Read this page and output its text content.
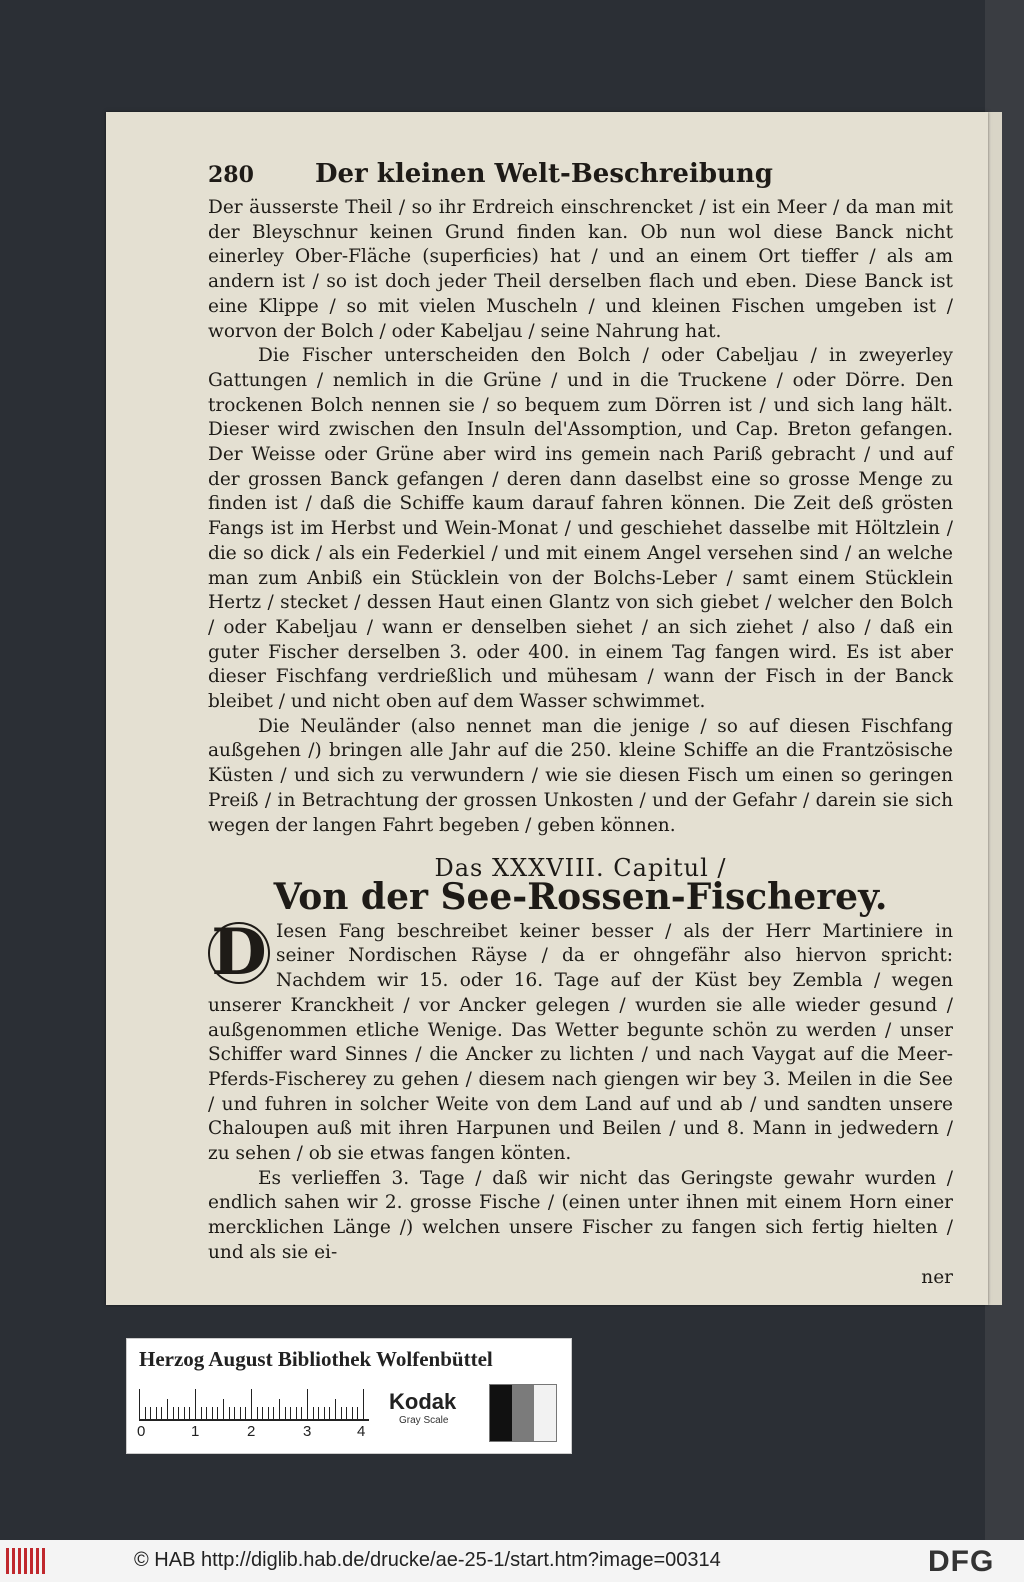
280 Der kleinen Welt-Beschreibung

Der äusserste Theil / so ihr Erdreich einschrencket / ist ein Meer / da man mit der Bleyschnur keinen Grund finden kan. Ob nun wol diese Banck nicht einerley Ober-Fläche (superficies) hat / und an einem Ort tieffer / als am andern ist / so ist doch jeder Theil derselben flach und eben. Diese Banck ist eine Klippe / so mit vielen Muscheln / und kleinen Fischen umgeben ist / worvon der Bolch / oder Kabeljau / seine Nahrung hat.

Die Fischer unterscheiden den Bolch / oder Cabeljau / in zweyerley Gattungen / nemlich in die Grüne / und in die Truckene / oder Dörre. Den trockenen Bolch nennen sie / so bequem zum Dörren ist / und sich lang hält. Dieser wird zwischen den Insuln del'Assomption, und Cap. Breton gefangen. Der Weisse oder Grüne aber wird ins gemein nach Pariß gebracht / und auf der grossen Banck gefangen / deren dann daselbst eine so grosse Menge zu finden ist / daß die Schiffe kaum darauf fahren können. Die Zeit deß grösten Fangs ist im Herbst und Wein-Monat / und geschiehet dasselbe mit Höltzlein / die so dick / als ein Federkiel / und mit einem Angel versehen sind / an welche man zum Anbiß ein Stücklein von der Bolchs-Leber / samt einem Stücklein Hertz / stecket / dessen Haut einen Glantz von sich giebet / welcher den Bolch / oder Kabeljau / wann er denselben siehet / an sich ziehet / also / daß ein guter Fischer derselben 3. oder 400. in einem Tag fangen wird. Es ist aber dieser Fischfang verdrießlich und mühesam / wann der Fisch in der Banck bleibet / und nicht oben auf dem Wasser schwimmet.

Die Neuländer (also nennet man die jenige / so auf diesen Fischfang außgehen /) bringen alle Jahr auf die 250. kleine Schiffe an die Frantzösische Küsten / und sich zu verwundern / wie sie diesen Fisch um einen so geringen Preiß / in Betrachtung der grossen Unkosten / und der Gefahr / darein sie sich wegen der langen Fahrt begeben / geben können.

Das XXXVIII. Capitul /
Von der See-Rossen-Fischerey.

D Iesen Fang beschreibet keiner besser / als der Herr Martiniere in seiner Nordischen Räyse / da er ohngefähr also hiervon spricht: Nachdem wir 15. oder 16. Tage auf der Küst bey Zembla / wegen unserer Kranckheit / vor Ancker gelegen / wurden sie alle wieder gesund / außgenommen etliche Wenige. Das Wetter begunte schön zu werden / unser Schiffer ward Sinnes / die Ancker zu lichten / und nach Vaygat auf die Meer-Pferds-Fischerey zu gehen / diesem nach giengen wir bey 3. Meilen in die See / und fuhren in solcher Weite von dem Land auf und ab / und sandten unsere Chaloupen auß mit ihren Harpunen und Beilen / und 8. Mann in jedwedern / zu sehen / ob sie etwas fangen könten.

Es verlieffen 3. Tage / daß wir nicht das Geringste gewahr wurden / endlich sahen wir 2. grosse Fische / (einen unter ihnen mit einem Horn einer mercklichen Länge /) welchen unsere Fischer zu fangen sich fertig hielten / und als sie ei-

ner
Herzog August Bibliothek Wolfenbüttel
0	1	2	3	4
Kodak
Gray Scale
© HAB http://diglib.hab.de/drucke/ae-25-1/start.htm?image=00314	DFG
